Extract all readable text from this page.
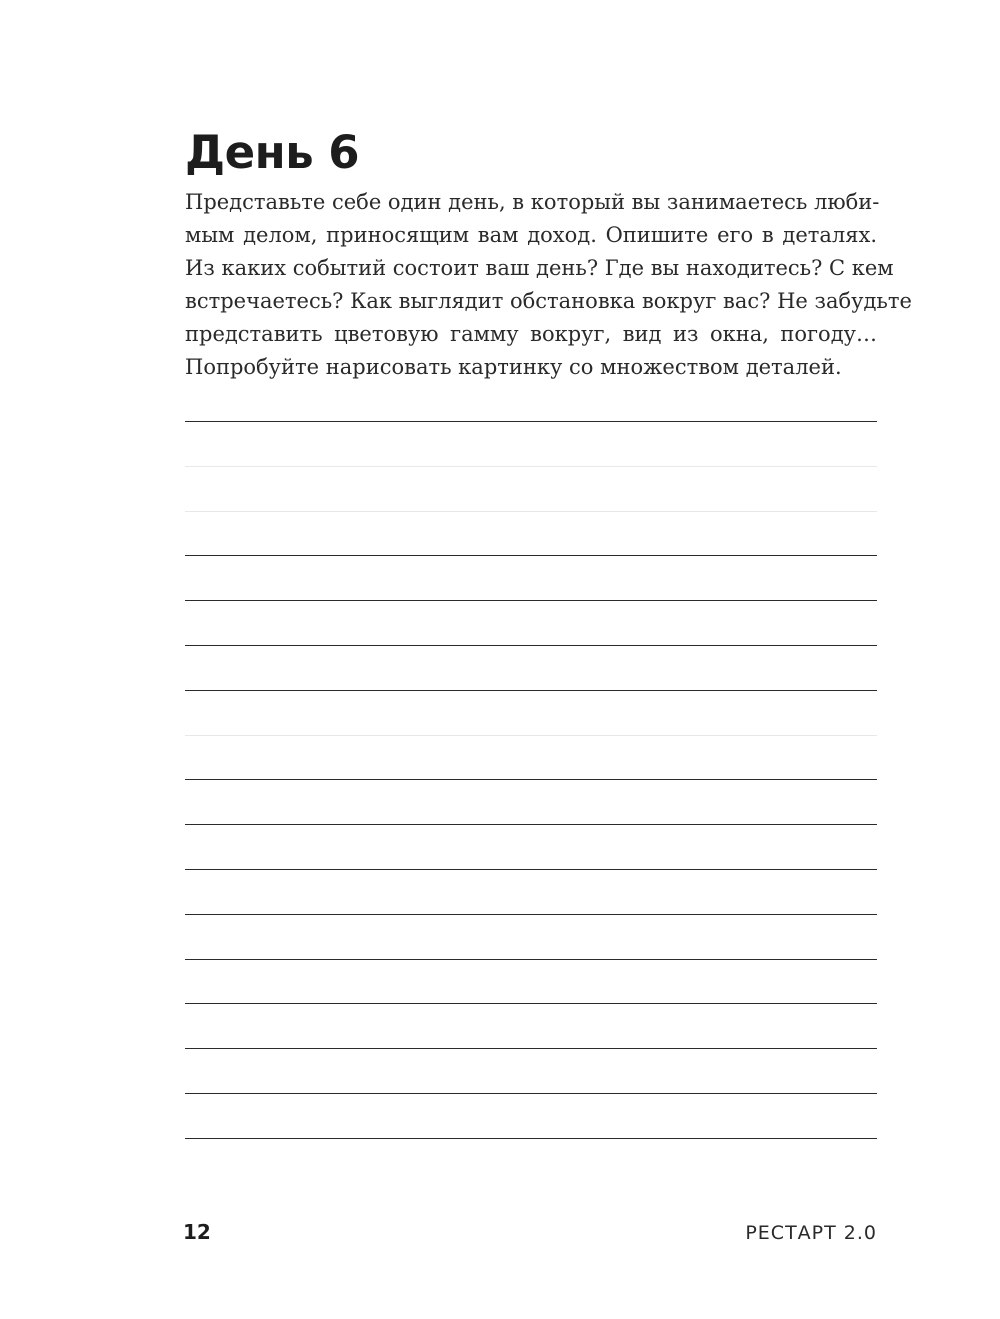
День 6
Представьте себе один день, в который вы занимаетесь люби-
мым делом, приносящим вам доход. Опишите его в деталях.
Из каких событий состоит ваш день? Где вы находитесь? С кем
встречаетесь? Как выглядит обстановка вокруг вас? Не забудьте
представить цветовую гамму вокруг, вид из окна, погоду…
Попробуйте нарисовать картинку со множеством деталей.
12	РЕСТАРТ 2.0
